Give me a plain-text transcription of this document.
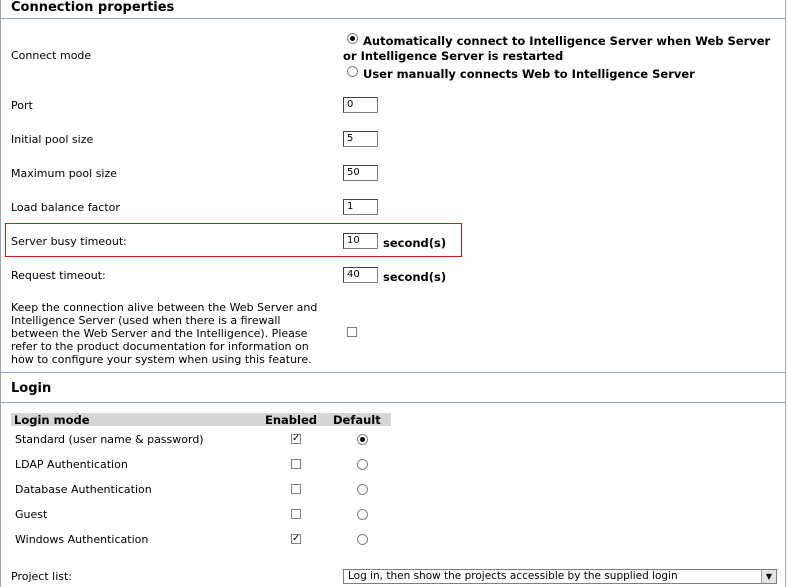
Connection properties
Connect mode
Automatically connect to Intelligence Server when Web Server
or Intelligence Server is restarted
User manually connects Web to Intelligence Server
Port	0
Initial pool size	5
Maximum pool size	50
Load balance factor	1
Server busy timeout:	10	second(s)
Request timeout:	40	second(s)
Keep the connection alive between the Web Server and
Intelligence Server (used when there is a firewall
between the Web Server and the Intelligence). Please
refer to the product documentation for information on
how to configure your system when using this feature.
Login
Login mode	Enabled Default
Standard (user name & password)	✓
LDAP Authentication
Database Authentication
Guest
Windows Authentication	✓
Project list:	Log in, then show the projects accessible by the supplied login	▼
